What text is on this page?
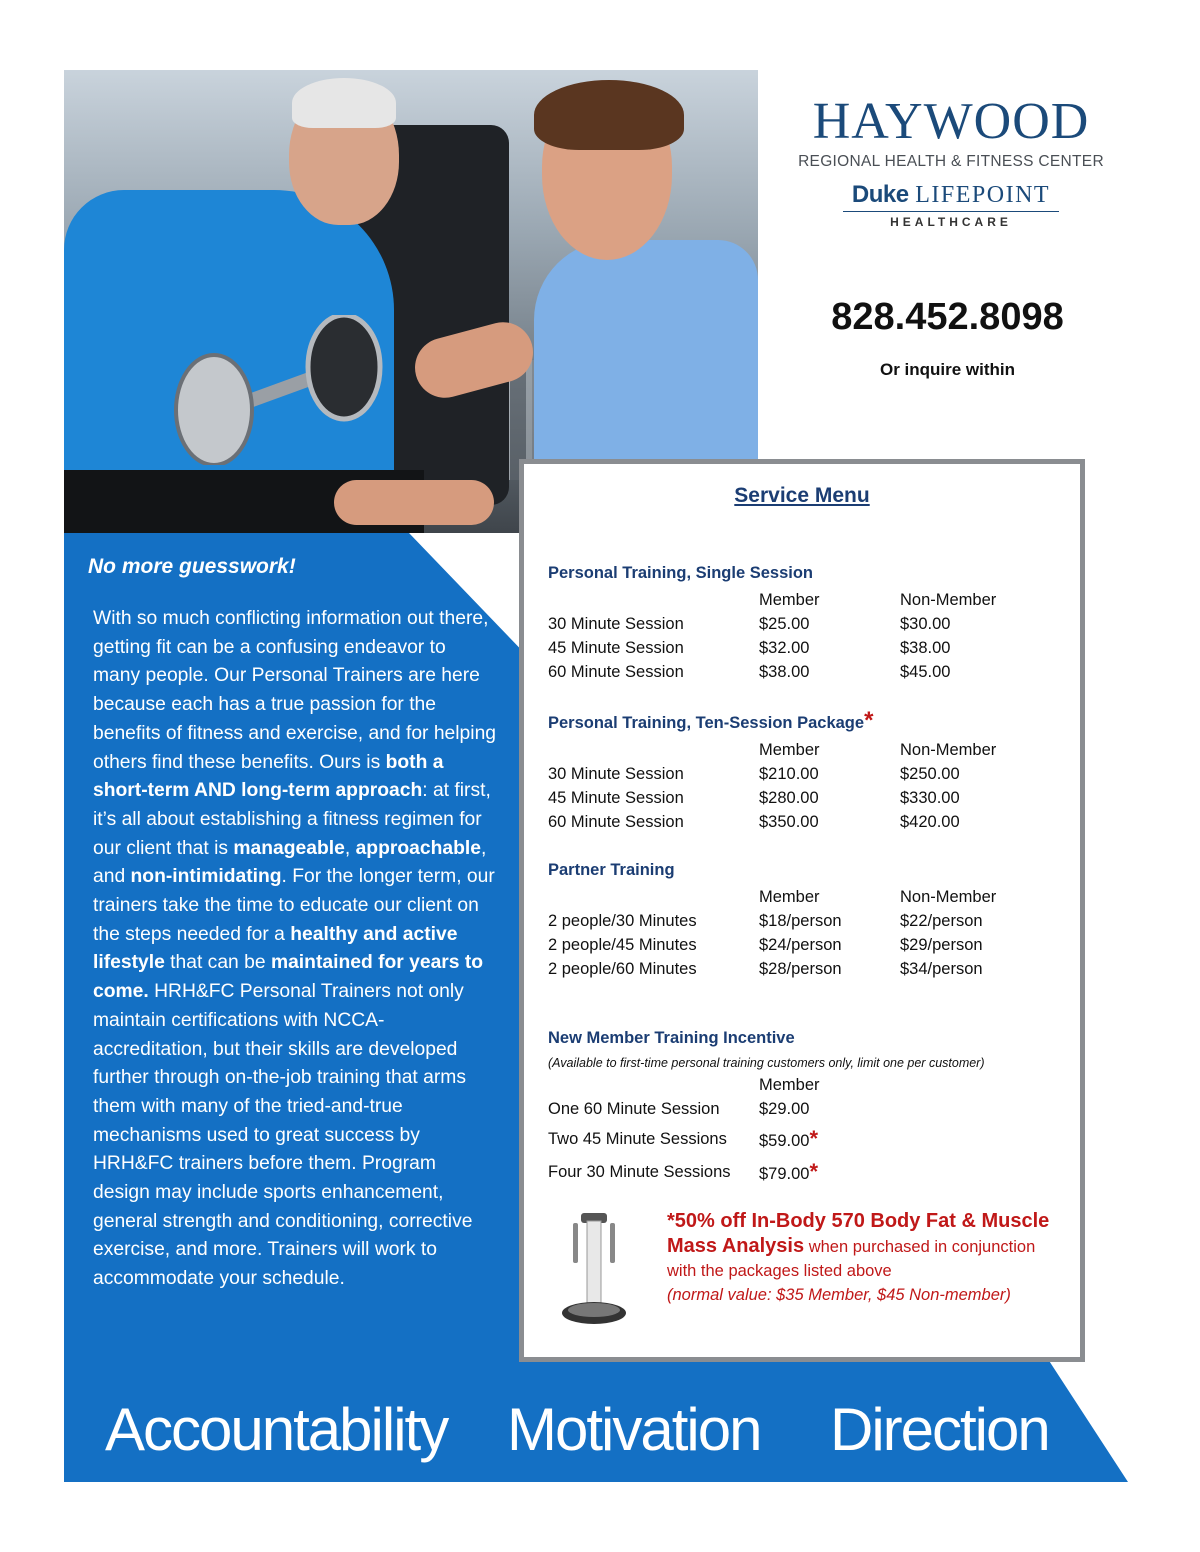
HAYWOOD
REGIONAL HEALTH & FITNESS CENTER
Duke LIFEPOINT
HEALTHCARE
828.452.8098
Or inquire within
No more guesswork!
With so much conflicting information out there, getting fit can be a confusing endeavor to many people. Our Personal Trainers are here because each has a true passion for the benefits of fitness and exercise, and for helping others find these benefits. Ours is both a short-term AND long-term approach: at first, it’s all about establishing a fitness regimen for our client that is manageable, approachable, and non-intimidating. For the longer term, our trainers take the time to educate our client on the steps needed for a healthy and active lifestyle that can be maintained for years to come. HRH&FC Personal Trainers not only maintain certifications with NCCA-accreditation, but their skills are developed further through on-the-job training that arms them with many of the tried-and-true mechanisms used to great success by HRH&FC trainers before them. Program design may include sports enhancement, general strength and conditioning, corrective exercise, and more. Trainers will work to accommodate your schedule.
Service Menu
Personal Training, Single Session
Member	Non-Member
30 Minute Session	$25.00	$30.00
45 Minute Session	$32.00	$38.00
60 Minute Session	$38.00	$45.00
Personal Training, Ten-Session Package*
Member	Non-Member
30 Minute Session	$210.00	$250.00
45 Minute Session	$280.00	$330.00
60 Minute Session	$350.00	$420.00
Partner Training
Member	Non-Member
2 people/30 Minutes	$18/person	$22/person
2 people/45 Minutes	$24/person	$29/person
2 people/60 Minutes	$28/person	$34/person
New Member Training Incentive
(Available to first-time personal training customers only, limit one per customer)
Member
One 60 Minute Session $29.00
Two 45 Minute Sessions $59.00*
Four 30 Minute Sessions $79.00*
*50% off In-Body 570 Body Fat & Muscle Mass Analysis when purchased in conjunction with the packages listed above
(normal value: $35 Member, $45 Non-member)
Accountability Motivation Direction
